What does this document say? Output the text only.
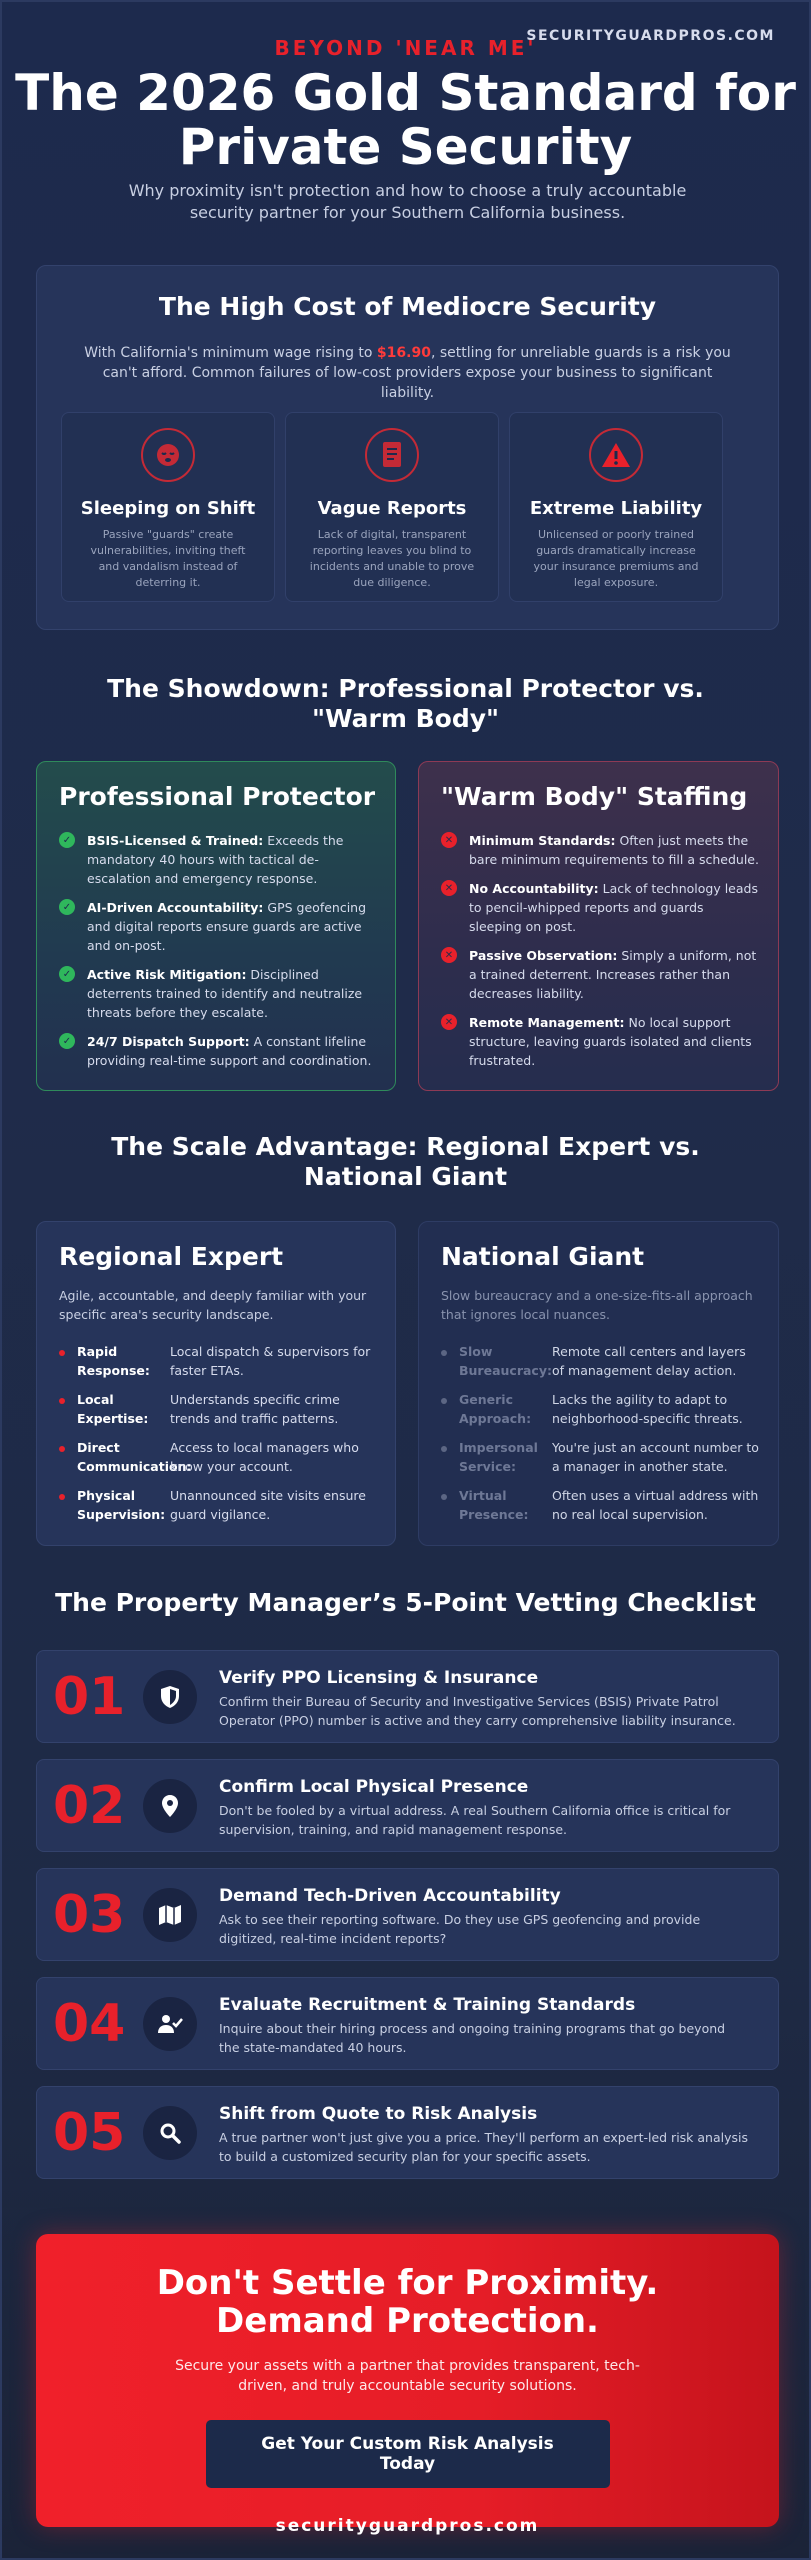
SECURITYGUARDPROS.COM
BEYOND 'NEAR ME'
The 2026 Gold Standard for Private Security

Why proximity isn't protection and how to choose a truly accountable security partner for your Southern California business.

The High Cost of Mediocre Security

With California's minimum wage rising to $16.90, settling for unreliable guards is a risk you can't afford. Common failures of low-cost providers expose your business to significant liability.

Sleeping on Shift

Passive "guards" create vulnerabilities, inviting theft and vandalism instead of deterring it.

Vague Reports

Lack of digital, transparent reporting leaves you blind to incidents and unable to prove due diligence.

Extreme Liability

Unlicensed or poorly trained guards dramatically increase your insurance premiums and legal exposure.

The Showdown: Professional Protector vs. "Warm Body"
Professional Protector
✓	BSIS-Licensed & Trained: Exceeds the mandatory 40 hours with tactical de-escalation and emergency response.
✓	AI-Driven Accountability: GPS geofencing and digital reports ensure guards are active and on-post.
✓	Active Risk Mitigation: Disciplined deterrents trained to identify and neutralize threats before they escalate.
✓	24/7 Dispatch Support: A constant lifeline providing real-time support and coordination.
"Warm Body" Staffing
✕	Minimum Standards: Often just meets the bare minimum requirements to fill a schedule.
✕	No Accountability: Lack of technology leads to pencil-whipped reports and guards sleeping on post.
✕	Passive Observation: Simply a uniform, not a trained deterrent. Increases rather than decreases liability.
✕	Remote Management: No local support structure, leaving guards isolated and clients frustrated.
The Scale Advantage: Regional Expert vs. National Giant
Regional Expert

Agile, accountable, and deeply familiar with your specific area's security landscape.

Rapid Response:
Local dispatch & supervisors for faster ETAs.
Local Expertise:
Understands specific crime trends and traffic patterns.
Direct Communication:
Access to local managers who know your account.
Physical Supervision:
Unannounced site visits ensure guard vigilance.
National Giant

Slow bureaucracy and a one-size-fits-all approach that ignores local nuances.

Slow Bureaucracy:
Remote call centers and layers of management delay action.
Generic Approach:
Lacks the agility to adapt to neighborhood-specific threats.
Impersonal Service:
You're just an account number to a manager in another state.
Virtual Presence:
Often uses a virtual address with no real local supervision.
The Property Manager’s 5-Point Vetting Checklist
01	Verify PPO Licensing & Insurance

Confirm their Bureau of Security and Investigative Services (BSIS) Private Patrol Operator (PPO) number is active and they carry comprehensive liability insurance.

02	Confirm Local Physical Presence

Don't be fooled by a virtual address. A real Southern California office is critical for supervision, training, and rapid management response.

03	Demand Tech-Driven Accountability

Ask to see their reporting software. Do they use GPS geofencing and provide digitized, real-time incident reports?

04	Evaluate Recruitment & Training Standards

Inquire about their hiring process and ongoing training programs that go beyond the state-mandated 40 hours.

05	Shift from Quote to Risk Analysis

A true partner won't just give you a price. They'll perform an expert-led risk analysis to build a customized security plan for your specific assets.

Don't Settle for Proximity. Demand Protection.

Secure your assets with a partner that provides transparent, tech-driven, and truly accountable security solutions.

Get Your Custom Risk Analysis Today
securityguardpros.com
